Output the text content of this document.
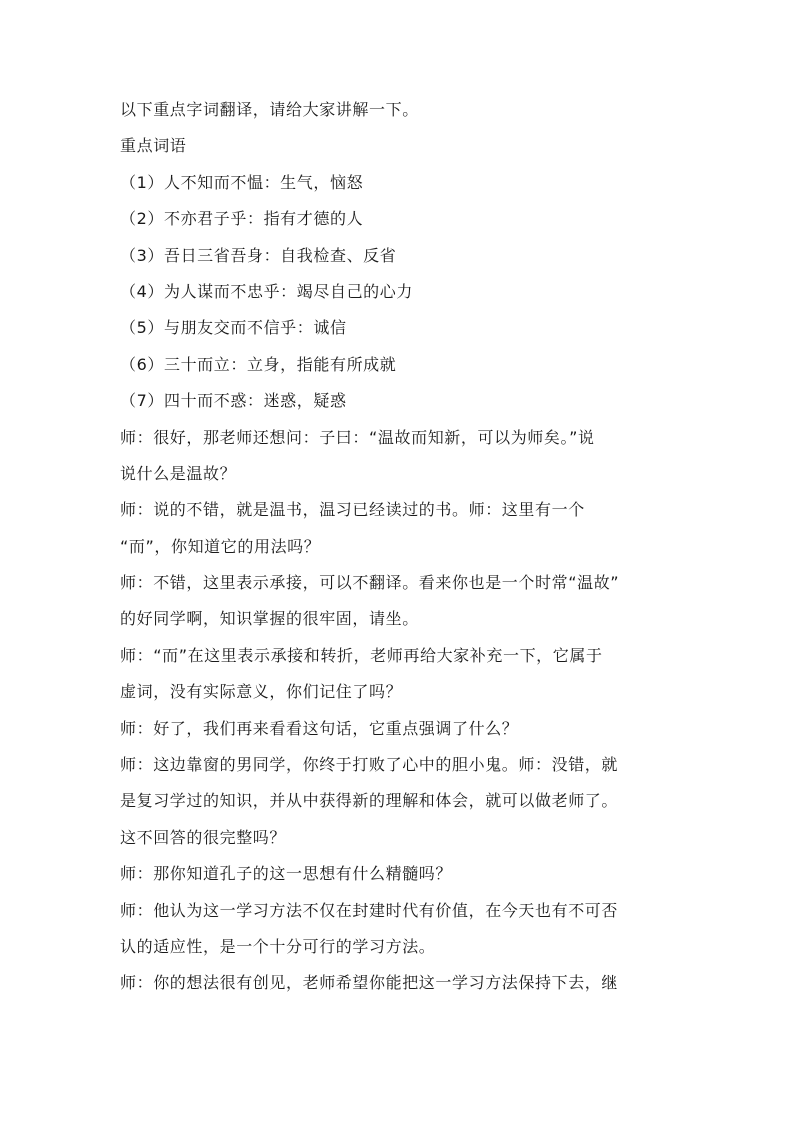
以下重点字词翻译，请给大家讲解一下。
重点词语
（1）人不知而不愠：生气，恼怒
（2）不亦君子乎：指有才德的人
（3）吾日三省吾身：自我检查、反省
（4）为人谋而不忠乎：竭尽自己的心力
（5）与朋友交而不信乎：诚信
（6）三十而立：立身，指能有所成就
（7）四十而不惑：迷惑，疑惑
师：很好，那老师还想问：子曰：“温故而知新，可以为师矣。”说
说什么是温故？
师：说的不错，就是温书，温习已经读过的书。师：这里有一个
“而”，你知道它的用法吗？
师：不错，这里表示承接，可以不翻译。看来你也是一个时常“温故”
的好同学啊，知识掌握的很牢固，请坐。
师：“而”在这里表示承接和转折，老师再给大家补充一下，它属于
虚词，没有实际意义，你们记住了吗？
师：好了，我们再来看看这句话，它重点强调了什么？
师：这边靠窗的男同学，你终于打败了心中的胆小鬼。师：没错，就
是复习学过的知识，并从中获得新的理解和体会，就可以做老师了。
这不回答的很完整吗？
师：那你知道孔子的这一思想有什么精髓吗？
师：他认为这一学习方法不仅在封建时代有价值，在今天也有不可否
认的适应性，是一个十分可行的学习方法。
师：你的想法很有创见，老师希望你能把这一学习方法保持下去，继
